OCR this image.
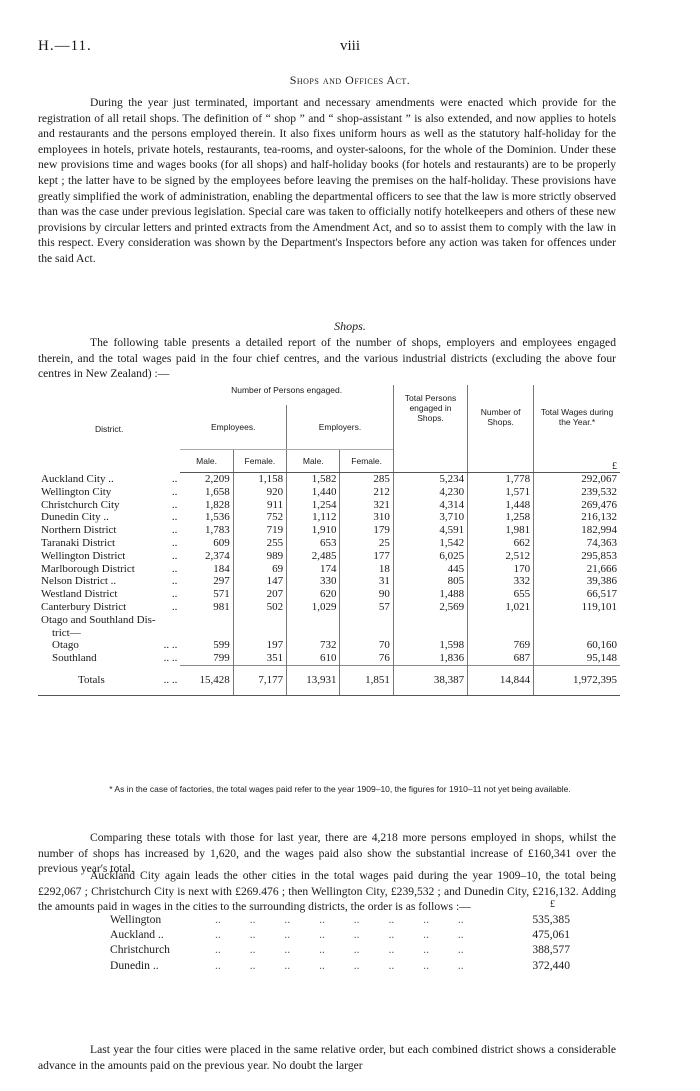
H.—11.	viii
Shops and Offices Act.

During the year just terminated, important and necessary amendments were enacted which provide for the registration of all retail shops. The definition of “ shop ” and “ shop-assistant ” is also extended, and now applies to hotels and restaurants and the persons employed therein. It also fixes uniform hours as well as the statutory half-holiday for the employees in hotels, private hotels, restaurants, tea-rooms, and oyster-saloons, for the whole of the Dominion. Under these new provisions time and wages books (for all shops) and half-holiday books (for hotels and restaurants) are to be properly kept ; the latter have to be signed by the employees before leaving the premises on the half-holiday. These provisions have greatly simplified the work of administration, enabling the departmental officers to see that the law is more strictly observed than was the case under previous legislation. Special care was taken to officially notify hotelkeepers and others of these new provisions by circular letters and printed extracts from the Amendment Act, and so to assist them to comply with the law in this respect. Every consideration was shown by the Department's Inspectors before any action was taken for offences under the said Act.

Shops.

The following table presents a detailed report of the number of shops, employers and employees engaged therein, and the total wages paid in the four chief centres, and the various industrial districts (excluding the above four centres in New Zealand) :—

District.	Number of Persons engaged.				Total Persons engaged in Shops.	Number of Shops.	Total Wages during the Year.*
	Employees.		Employers.				
	Male.	Female.	Male.	Female.			£
Auckland City .. ..	2,209	1,158	1,582	285	5,234	1,778	292,067
Wellington City ..	1,658	920	1,440	212	4,230	1,571	239,532
Christchurch City ..	1,828	911	1,254	321	4,314	1,448	269,476
Dunedin City .. ..	1,536	752	1,112	310	3,710	1,258	216,132
Northern District ..	1,783	719	1,910	179	4,591	1,981	182,994
Taranaki District ..	609	255	653	25	1,542	662	74,363
Wellington District ..	2,374	989	2,485	177	6,025	2,512	295,853
Marlborough District ..	184	69	174	18	445	170	21,666
Nelson District .. ..	297	147	330	31	805	332	39,386
Westland District ..	571	207	620	90	1,488	655	66,517
Canterbury District ..	981	502	1,029	57	2,569	1,021	119,101
Otago and Southland Dis-

trict—

Otago .. ..	599	197	732	70	1,598	769	60,160
Southland .. ..	799	351	610	76	1,836	687	95,148
Totals .. ..	15,428	7,177	13,931	1,851	38,387	14,844	1,972,395
* As in the case of factories, the total wages paid refer to the year 1909–10, the figures for 1910–11 not yet being available.

Comparing these totals with those for last year, there are 4,218 more persons employed in shops, whilst the number of shops has increased by 1,620, and the wages paid also show the substantial increase of £160,341 over the previous year's total.

Auckland City again leads the other cities in the total wages paid during the year 1909–10, the total being £292,067 ; Christchurch City is next with £269.476 ; then Wellington City, £239,532 ; and Dunedin City, £216,132. Adding the amounts paid in wages in the cities to the surrounding districts, the order is as follows :—	£
Wellington	.. .. .. .. .. .. .. ..	535,385
Auckland ..	.. .. .. .. .. .. .. ..	475,061
Christchurch	.. .. .. .. .. .. .. ..	388,577
Dunedin ..	.. .. .. .. .. .. .. ..	372,440

Last year the four cities were placed in the same relative order, but each combined district shows a considerable advance in the amounts paid on the previous year. No doubt the larger
